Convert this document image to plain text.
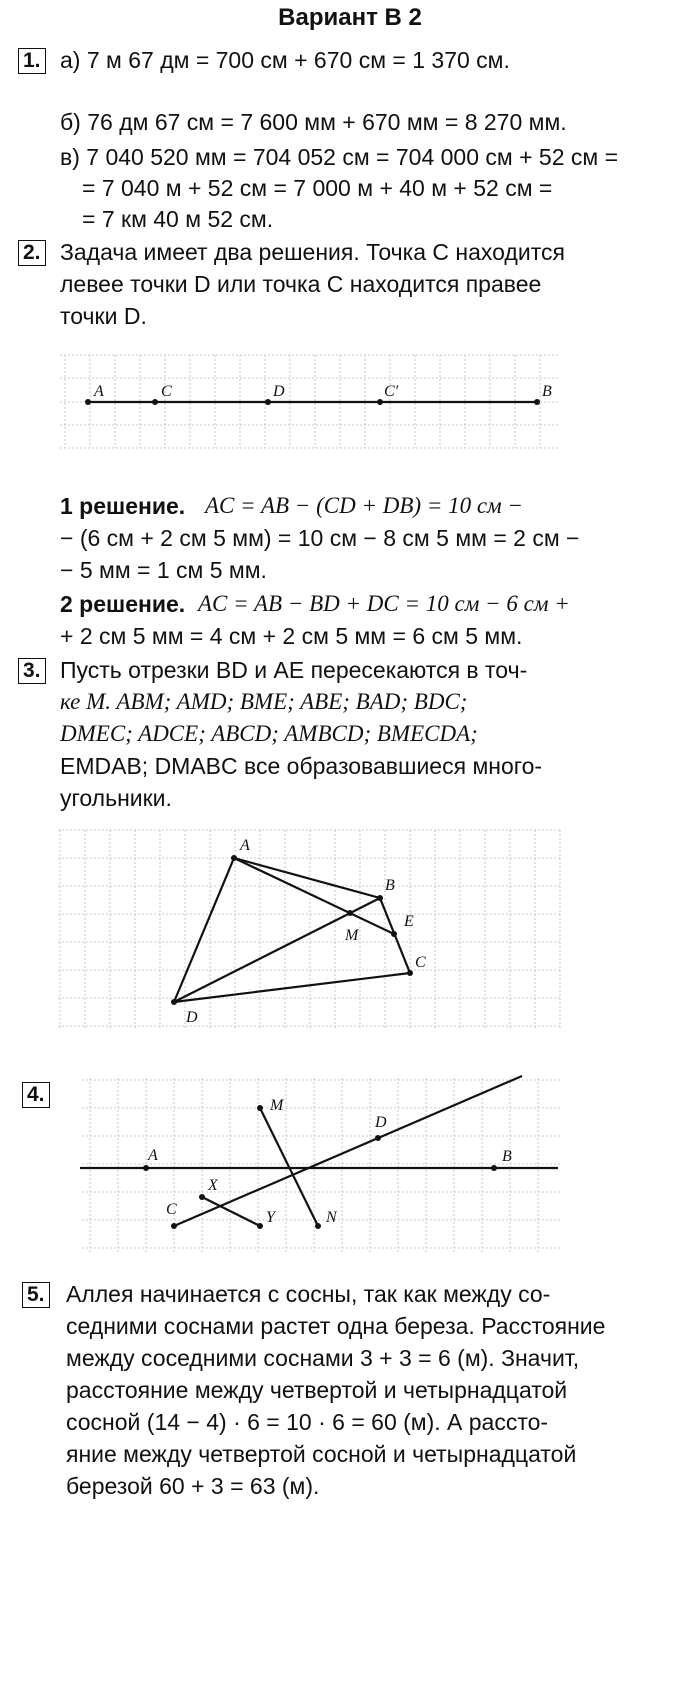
Вариант В 2
1. а) 7 м 67 дм = 700 см + 670 см = 1 370 см.
б) 76 дм 67 см = 7 600 мм + 670 мм = 8 270 мм.
в) 7 040 520 мм = 704 052 см = 704 000 см + 52 см =
= 7 040 м + 52 см = 7 000 м + 40 м + 52 см =
= 7 км 40 м 52 см.
2. Задача имеет два решения. Точка C находится
левее точки D или точка C находится правее
точки D.
A	C	D	C′	B
1 решение. AC = AB − (CD + DB) = 10 см −
− (6 см + 2 см 5 мм) = 10 см − 8 см 5 мм = 2 см −
− 5 мм = 1 см 5 мм.
2 решение. AC = AB − BD + DC = 10 см − 6 см +
+ 2 см 5 мм = 4 см + 2 см 5 мм = 6 см 5 мм.
3. Пусть отрезки BD и AE пересекаются в точ-
ке M. ABM; AMD; BME; ABE; BAD; BDC;
DMEC; ADCE; ABCD; AMBCD; BMECDA;
EMDAB; DMABC все образовавшиеся много-
угольники.
A
B
E
M
C
D
4.	M
D
A	B
X
C	Y	N
5. Аллея начинается с сосны, так как между со-
седними соснами растет одна береза. Расстояние
между соседними соснами 3 + 3 = 6 (м). Значит,
расстояние между четвертой и четырнадцатой
сосной (14 − 4) · 6 = 10 · 6 = 60 (м). А рассто-
яние между четвертой сосной и четырнадцатой
березой 60 + 3 = 63 (м).
